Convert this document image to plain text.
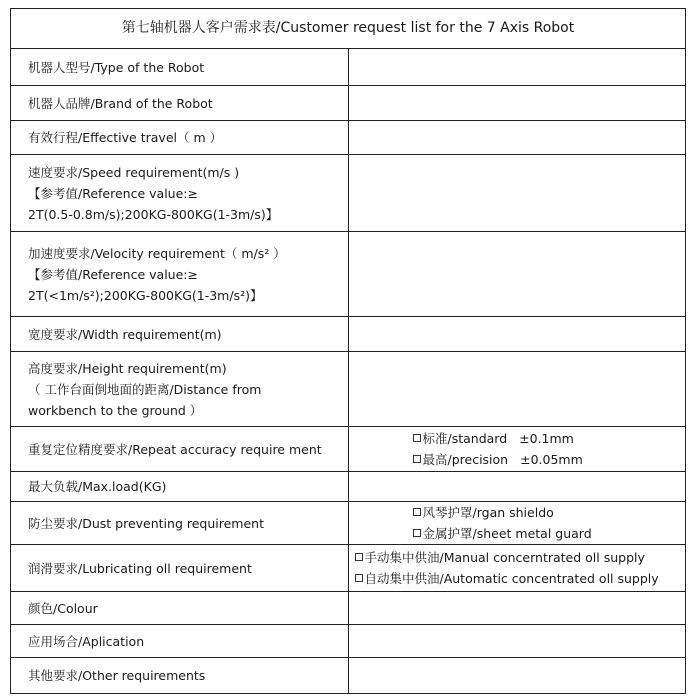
第七轴机器人客户需求表/Customer request list for the 7 Axis Robot	
机器人型号/Type of the Robot	
机器人品牌/Brand of the Robot	
有效行程/Effective travel（ m ）	

速度要求/Speed requirement(m/s )
【参考值/Reference value:≥
2T(0.5-0.8m/s);200KG-800KG(1-3m/s)】	

加速度要求/Velocity requirement（ m/s² ）
【参考值/Reference value:≥
2T(<1m/s²);200KG-800KG(1-3m/s²)】	

宽度要求/Width requirement(m)	

高度要求/Height requirement(m)
（ 工作台面倒地面的距离/Distance from
workbench to the ground ）	

重复定位精度要求/Repeat accuracy require ment	标准/standard ±0.1mm
最高/precision ±0.05mm

最大负载/Max.load(KG)	
防尘要求/Dust preventing requirement	风琴护罩/rgan shieldo
金属护罩/sheet metal guard

润滑要求/Lubricating oll requirement	手动集中供油/Manual concerntrated oll supply
自动集中供油/Automatic concentrated oll supply

颜色/Colour	
应用场合/Aplication	
其他要求/Other requirements	
